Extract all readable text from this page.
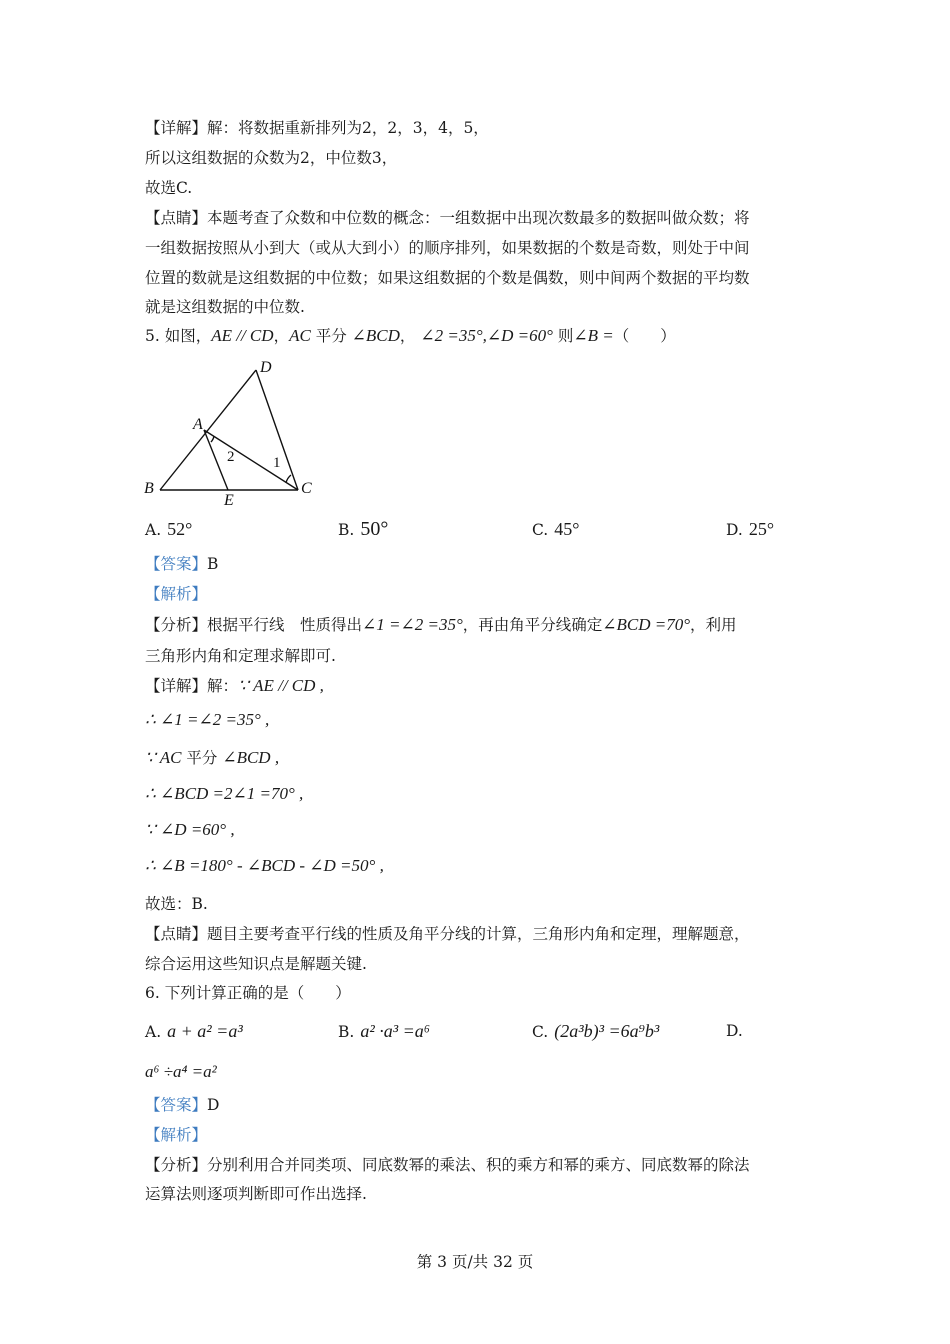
【详解】解：将数据重新排列为2，2，3，4，5，
所以这组数据的众数为2，中位数3，
故选C.
【点睛】本题考查了众数和中位数的概念：一组数据中出现次数最多的数据叫做众数；将
一组数据按照从小到大（或从大到小）的顺序排列，如果数据的个数是奇数，则处于中间
位置的数就是这组数据的中位数；如果这组数据的个数是偶数，则中间两个数据的平均数
就是这组数据的中位数.
5. 如图，AE // CD，AC 平分 ∠BCD， ∠2 =35°,∠D =60° 则∠B =（　　）
D
A
B	C
E
2	1
A. 52°	B. 50°	C. 45°	D. 25°
【答案】B
【解析】
【分析】根据平行线　性质得出∠1 =∠2 =35°，再由角平分线确定∠BCD =70°，利用
三角形内角和定理求解即可.
【详解】解：∵ AE // CD ,
∴ ∠1 =∠2 =35° ,
∵ AC 平分 ∠BCD ,
∴ ∠BCD =2∠1 =70° ,
∵ ∠D =60° ,
∴ ∠B =180° - ∠BCD - ∠D =50° ,
故选：B.
【点睛】题目主要考查平行线的性质及角平分线的计算，三角形内角和定理，理解题意，
综合运用这些知识点是解题关键.
6. 下列计算正确的是（　　）
A. a + a² =a³	B. a² ·a³ =a⁶	C. (2a³b)³ =6a⁹b³	D.
a⁶ ÷a⁴ =a²
【答案】D
【解析】
【分析】分别利用合并同类项、同底数幂的乘法、积的乘方和幂的乘方、同底数幂的除法
运算法则逐项判断即可作出选择.
第 3 页/共 32 页
